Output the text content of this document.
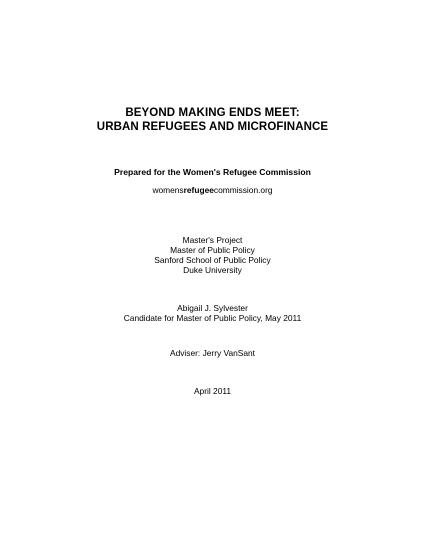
BEYOND MAKING ENDS MEET:
URBAN REFUGEES AND MICROFINANCE
Prepared for the Women's Refugee Commission
womensrefugeecommission.org
Master's Project
Master of Public Policy
Sanford School of Public Policy
Duke University
Abigail J. Sylvester
Candidate for Master of Public Policy, May 2011
Adviser: Jerry VanSant
April 2011
